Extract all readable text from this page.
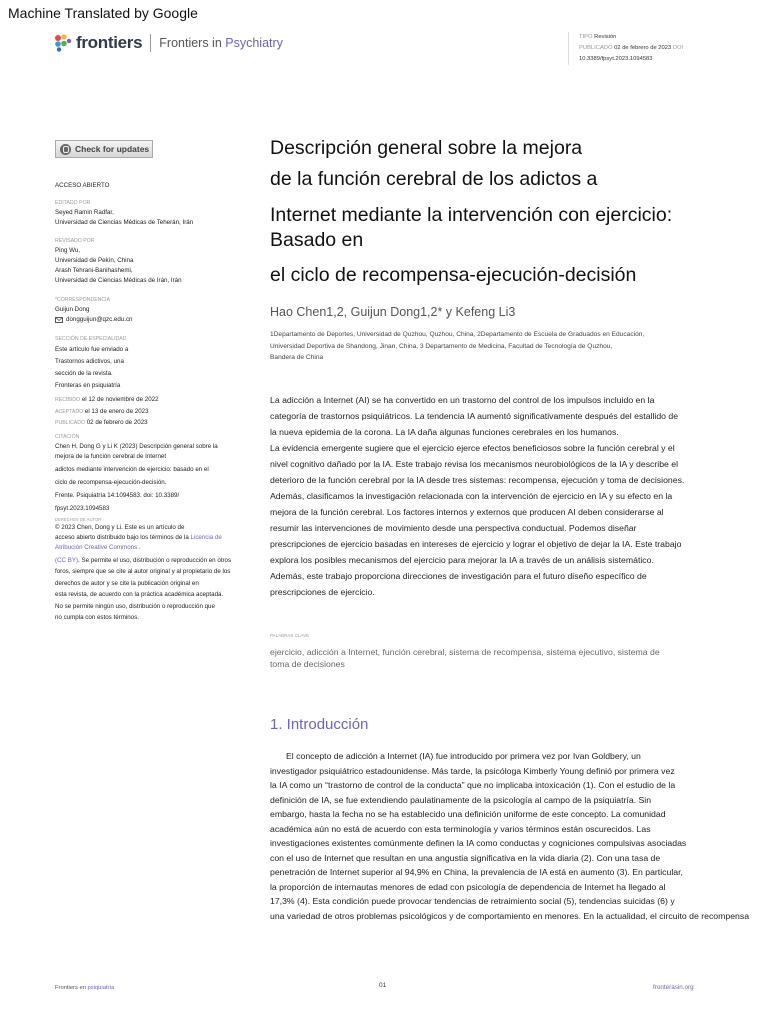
Machine Translated by Google
frontiers Frontiers in Psychiatry	TIPO Revisión
PUBLICADO 02 de febrero de 2023 DOI
10.3389/fpsyt.2023.1094583
Check for updates
ACCESO ABIERTO
EDITADO POR
Seyed Ramin Radfar,
Universidad de Ciencias Médicas de Teherán, Irán
REVISADO POR
Ping Wu,
Universidad de Pekín, China
Arash Tehrani-Banihashemi,
Universidad de Ciencias Médicas de Irán, Irán
*CORRESPONDENCIA
Guijun Dong
dongguijun@qzc.edu.cn
SECCIÓN DE ESPECIALIDAD
Este artículo fue enviado a
Trastornos adictivos, una
sección de la revista.
Fronteras en psiquiatría
RECIBIDO el 12 de noviembre de 2022
ACEPTADO el 13 de enero de 2023
PUBLICADO 02 de febrero de 2023
CITACIÓN
Chen H, Dong G y Li K (2023) Descripción general sobre la
mejora de la función cerebral de Internet
adictos mediante intervención de ejercicio: basado en el
ciclo de recompensa-ejecución-decisión.
Frente. Psiquiatría 14:1094583. doi: 10.3389/
fpsyt.2023.1094583
DERECHOS DE AUTOR
© 2023 Chen, Dong y Li. Este es un artículo de
acceso abierto distribuido bajo los términos de la Licencia de
Atribución Creative Commons .
(CC BY). Se permite el uso, distribución o reproducción en otros
foros, siempre que se cite al autor original y al propietario de los
derechos de autor y se cite la publicación original en
esta revista, de acuerdo con la práctica académica aceptada.
No se permite ningún uso, distribución o reproducción que
no cumpla con estos términos.
Descripción general sobre la mejora
de la función cerebral de los adictos a
Internet mediante la intervención con ejercicio:
Basado en
el ciclo de recompensa-ejecución-decisión
Hao Chen1,2, Guijun Dong1,2* y Kefeng Li3
1Departamento de Deportes, Universidad de Quzhou, Quzhou, China, 2Departamento de Escuela de Graduados en Educación,
Universidad Deportiva de Shandong, Jinan, China, 3 Departamento de Medicina, Facultad de Tecnología de Quzhou,
Bandera de China
La adicción a Internet (AI) se ha convertido en un trastorno del control de los impulsos incluido en la
categoría de trastornos psiquiátricos. La tendencia IA aumentó significativamente después del estallido de
la nueva epidemia de la corona. La IA daña algunas funciones cerebrales en los humanos.
La evidencia emergente sugiere que el ejercicio ejerce efectos beneficiosos sobre la función cerebral y el
nivel cognitivo dañado por la IA. Este trabajo revisa los mecanismos neurobiológicos de la IA y describe el
deterioro de la función cerebral por la IA desde tres sistemas: recompensa, ejecución y toma de decisiones.
Además, clasificamos la investigación relacionada con la intervención de ejercicio en IA y su efecto en la
mejora de la función cerebral. Los factores internos y externos que producen AI deben considerarse al
resumir las intervenciones de movimiento desde una perspectiva conductual. Podemos diseñar
prescripciones de ejercicio basadas en intereses de ejercicio y lograr el objetivo de dejar la IA. Este trabajo
explora los posibles mecanismos del ejercicio para mejorar la IA a través de un análisis sistemático.
Además, este trabajo proporciona direcciones de investigación para el futuro diseño específico de
prescripciones de ejercicio.
PALABRAS CLAVE
ejercicio, adicción a Internet, función cerebral, sistema de recompensa, sistema ejecutivo, sistema de
toma de decisiones
1. Introducción
El concepto de adicción a Internet (IA) fue introducido por primera vez por Ivan Goldbery, un
investigador psiquiátrico estadounidense. Más tarde, la psicóloga Kimberly Young definió por primera vez
la IA como un “trastorno de control de la conducta” que no implicaba intoxicación (1). Con el estudio de la
definición de IA, se fue extendiendo paulatinamente de la psicología al campo de la psiquiatría. Sin
embargo, hasta la fecha no se ha establecido una definición uniforme de este concepto. La comunidad
académica aún no está de acuerdo con esta terminología y varios términos están oscurecidos. Las
investigaciones existentes comúnmente definen la IA como conductas y cogniciones compulsivas asociadas
con el uso de Internet que resultan en una angustia significativa en la vida diaria (2). Con una tasa de
penetración de Internet superior al 94,9% en China, la prevalencia de IA está en aumento (3). En particular,
la proporción de internautas menores de edad con psicología de dependencia de Internet ha llegado al
17,3% (4). Esta condición puede provocar tendencias de retraimiento social (5), tendencias suicidas (6) y
una variedad de otros problemas psicológicos y de comportamiento en menores. En la actualidad, el circuito de recompensa
Frontiers en psiquiatría	01	fronterasin.org
